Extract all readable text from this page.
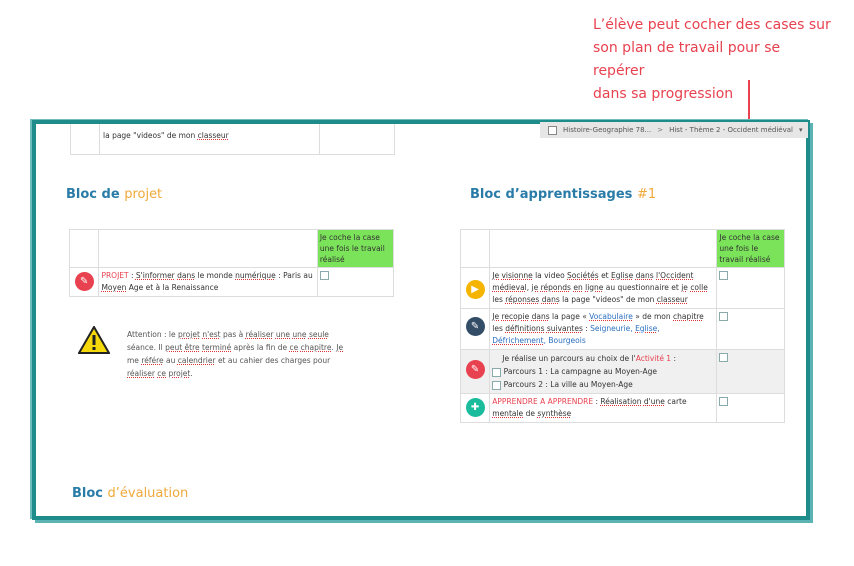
L’élève peut cocher des cases sur
son plan de travail pour se repérer
dans sa progression
Histoire-Geographie 78... > Hist - Thème 2 - Occident médiéval ▾
la page "videos" de mon classeur
Bloc de projet
		Je coche la case une fois le travail réalisé

✎	PROJET : S'informer dans le monde numérique : Paris au Moyen Age et à la Renaissance	
Attention : le projet n'est pas à réaliser une une seule séance. Il peut être terminé après la fin de ce chapitre. Je me référe au calendrier et au cahier des charges pour réaliser ce projet.
Bloc d’apprentissages #1
		Je coche la case une fois le travail réalisé

▶	Je visionne la video Sociétés et Eglise dans l'Occident médieval, je réponds en ligne au questionnaire et je colle les réponses dans la page "videos" de mon classeur	

✎	Je recopie dans la page « Vocabulaire » de mon chapitre les définitions suivantes : Seigneurie, Eglise, Défrichement, Bourgeois	

✎	Je réalise un parcours au choix de l'Activité 1 :
Parcours 1 : La campagne au Moyen-Age
Parcours 2 : La ville au Moyen-Age	

✚	APPRENDRE A APPRENDRE : Réalisation d'une carte mentale de synthèse	
Bloc d’évaluation
